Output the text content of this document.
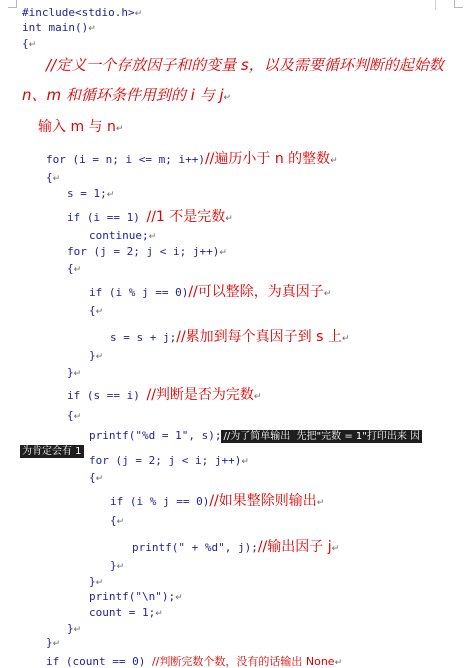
#include<stdio.h>↵
int main()↵
{↵
//定义一个存放因子和的变量 s，以及需要循环判断的起始数
n、m 和循环条件用到的 i 与 j↵
输入 m 与 n↵
for (i = n; i <= m; i++)//遍历小于 n 的整数↵
{↵
s = 1;↵
if (i == 1) //1 不是完数↵
continue;↵
for (j = 2; j < i; j++)↵
{↵
if (i % j == 0)//可以整除，为真因子↵
{↵
s = s + j;//累加到每个真因子到 s 上↵
}↵
}↵
if (s == i) //判断是否为完数↵
{↵
printf("%d = 1", s); //为了简单输出  先把"完数 = 1"打印出来 因
为肯定会有 1
for (j = 2; j < i; j++)↵
{↵
if (i % j == 0)//如果整除则输出↵
{↵
printf(" + %d", j);//输出因子 j↵
}↵
}↵
printf("\n");↵
count = 1;↵
}↵
}↵
if (count == 0) //判断完数个数，没有的话输出 None↵
